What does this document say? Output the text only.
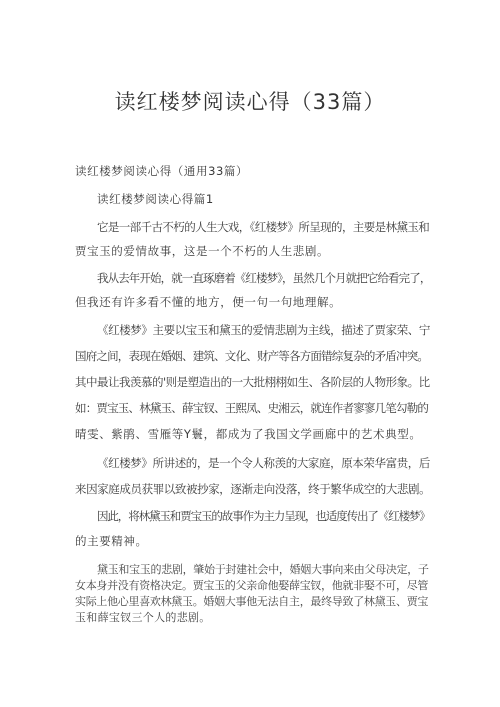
读红楼梦阅读心得（33篇）
读红楼梦阅读心得（通用33篇）
读红楼梦阅读心得篇1
它是一部千古不朽的人生大戏，《红楼梦》所呈现的，主要是林黛玉和
贾宝玉的爱情故事，这是一个不朽的人生悲剧。
我从去年开始，就一直琢磨着《红楼梦》，虽然几个月就把它给看完了，
但我还有许多看不懂的地方，便一句一句地理解。
《红楼梦》主要以宝玉和黛玉的爱情悲剧为主线，描述了贾家荣、宁
国府之间，表现在婚姻、建筑、文化、财产等各方面错综复杂的矛盾冲突。
其中最让我羡慕的'则是塑造出的一大批栩栩如生、各阶层的人物形象。比
如：贾宝玉、林黛玉、薛宝钗、王熙凤、史湘云，就连作者寥寥几笔勾勒的
晴雯、紫鹃、雪雁等Y鬟，都成为了我国文学画廊中的艺术典型。
《红楼梦》所讲述的，是一个令人称羡的大家庭，原本荣华富贵，后
来因家庭成员获罪以致被抄家，逐渐走向没落，终于繁华成空的大悲剧。
因此，将林黛玉和贾宝玉的故事作为主力呈现，也适度传出了《红楼梦》
的主要精神。
黛玉和宝玉的悲剧，肇始于封建社会中，婚姻大事向来由父母决定，子
女本身并没有资格决定。贾宝玉的父亲命他娶薛宝钗，他就非娶不可，尽管
实际上他心里喜欢林黛玉。婚姻大事他无法自主，最终导致了林黛玉、贾宝
玉和薛宝钗三个人的悲剧。
